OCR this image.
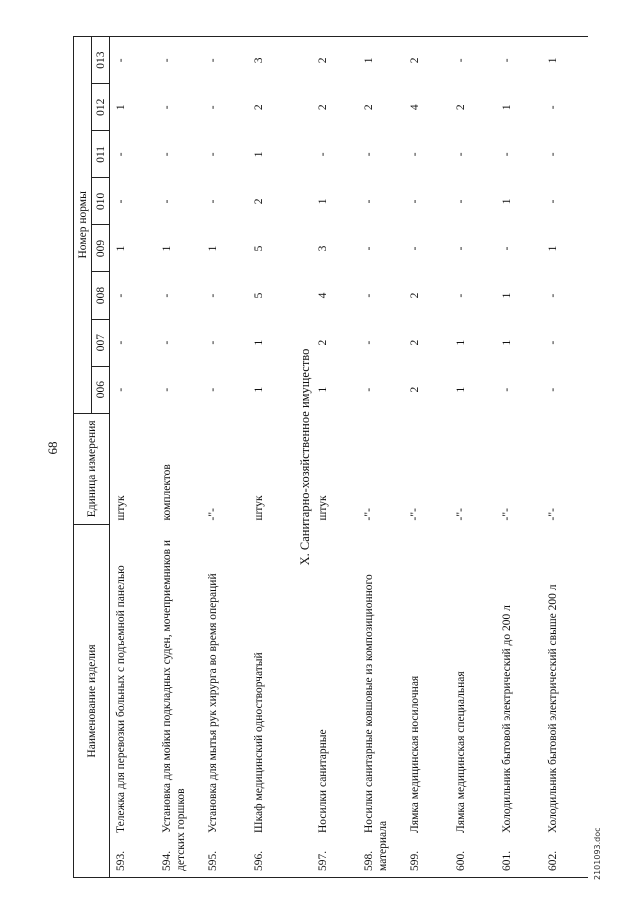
68
Наименование изделия	Единица измерения	Номер нормы							
		006	007	008	009	010	011	012	013
593.Тележка для перевозки больных с подъемной панелью	штук	-	-	-	1	-	-	1	-
594.Установка для мойки подкладных суден, мочеприемников и детских горшков	комплектов	-	-	-	1	-	-	-	-
595.Установка для мытья рук хирурга во время операций	-"-	-	-	-	1	-	-	-	-
596.Шкаф медицинский одностворчатый	штук	1	1	5	5	2	1	2	3
X. Санитарно-хозяйственное имущество									
597.Носилки санитарные	штук	1	2	4	3	1	-	2	2
598.Носилки санитарные ковшовые из композиционного материала	-"-	-	-	-	-	-	-	2	1
599.Лямка медицинская носилочная	-"-	2	2	2	-	-	-	4	2
600.Лямка медицинская специальная	-"-	1	1	-	-	-	-	2	-
601.Холодильник бытовой электрический до 200 л	-"-	-	1	1	-	1	-	1	-
602.Холодильник бытовой электрический свыше 200 л	-"-	-	-	-	1	-	-	-	1
2101093.doc
